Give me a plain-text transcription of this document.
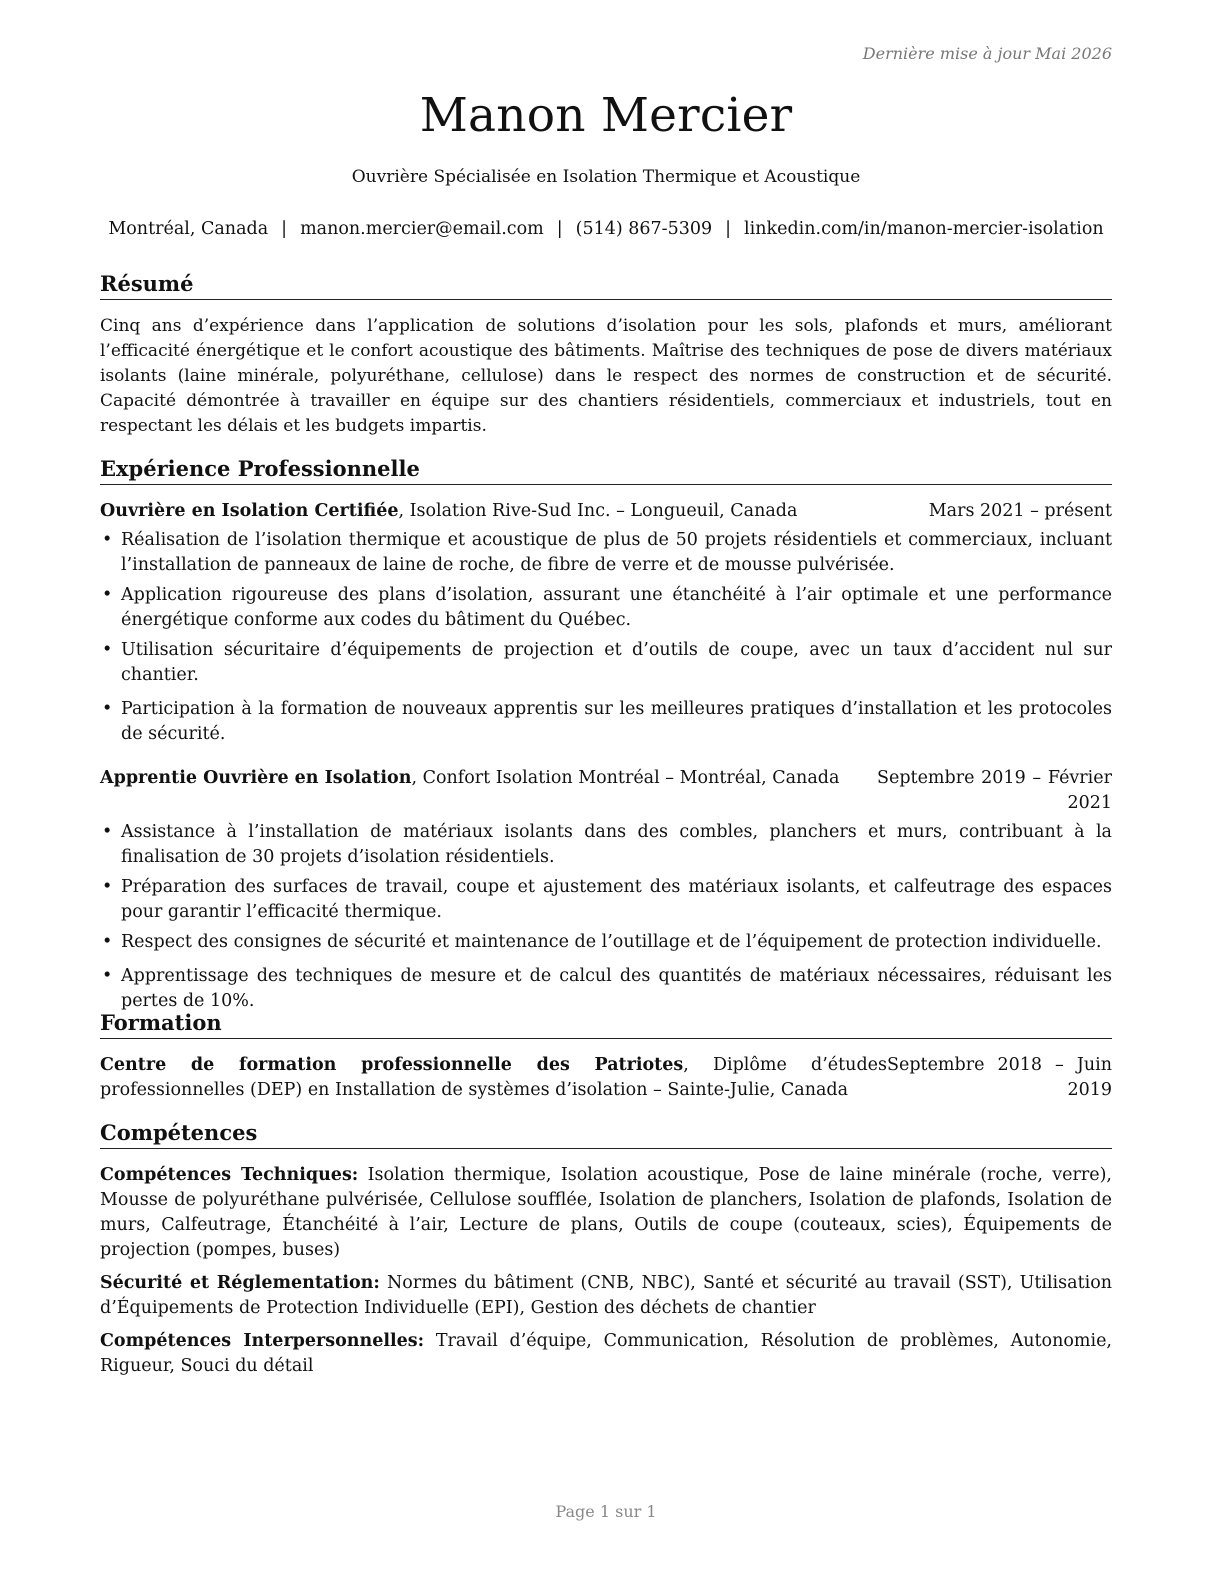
Dernière mise à jour Mai 2026
Manon Mercier
Ouvrière Spécialisée en Isolation Thermique et Acoustique
Montréal, Canada | manon.mercier@email.com | (514) 867-5309 | linkedin.com/in/manon-mercier-isolation
Résumé
Cinq ans d’expérience dans l’application de solutions d’isolation pour les sols, plafonds et murs, améliorant l’efficacité énergétique et le confort acoustique des bâtiments. Maîtrise des techniques de pose de divers matériaux isolants (laine minérale, polyuréthane, cellulose) dans le respect des normes de construction et de sécurité. Capacité démontrée à travailler en équipe sur des chantiers résidentiels, commerciaux et industriels, tout en respectant les délais et les budgets impartis.
Expérience Professionnelle
Ouvrière en Isolation Certifiée, Isolation Rive-Sud Inc. – Longueuil, Canada	Mars 2021 – présent
• Réalisation de l’isolation thermique et acoustique de plus de 50 projets résidentiels et commerciaux, incluant l’installation de panneaux de laine de roche, de fibre de verre et de mousse pulvérisée.
• Application rigoureuse des plans d’isolation, assurant une étanchéité à l’air optimale et une performance énergétique conforme aux codes du bâtiment du Québec.
• Utilisation sécuritaire d’équipements de projection et d’outils de coupe, avec un taux d’accident nul sur chantier.
• Participation à la formation de nouveaux apprentis sur les meilleures pratiques d’installation et les protocoles de sécurité.
Apprentie Ouvrière en Isolation, Confort Isolation Montréal – Montréal, Canada	Septembre 2019 – Février 2021
• Assistance à l’installation de matériaux isolants dans des combles, planchers et murs, contribuant à la finalisation de 30 projets d’isolation résidentiels.
• Préparation des surfaces de travail, coupe et ajustement des matériaux isolants, et calfeutrage des espaces pour garantir l’efficacité thermique.
• Respect des consignes de sécurité et maintenance de l’outillage et de l’équipement de protection individuelle.
• Apprentissage des techniques de mesure et de calcul des quantités de matériaux nécessaires, réduisant les pertes de 10%.
Formation
Centre de formation professionnelle des Patriotes, Diplôme d’études professionnelles (DEP) en Installation de systèmes d’isolation – Sainte-Julie, Canada
Septembre 2018 – Juin 2019
Compétences
Compétences Techniques: Isolation thermique, Isolation acoustique, Pose de laine minérale (roche, verre), Mousse de polyuréthane pulvérisée, Cellulose soufflée, Isolation de planchers, Isolation de plafonds, Isolation de murs, Calfeutrage, Étanchéité à l’air, Lecture de plans, Outils de coupe (couteaux, scies), Équipements de projection (pompes, buses)
Sécurité et Réglementation: Normes du bâtiment (CNB, NBC), Santé et sécurité au travail (SST), Utilisation d’Équipements de Protection Individuelle (EPI), Gestion des déchets de chantier
Compétences Interpersonnelles: Travail d’équipe, Communication, Résolution de problèmes, Autonomie, Rigueur, Souci du détail
Page 1 sur 1
